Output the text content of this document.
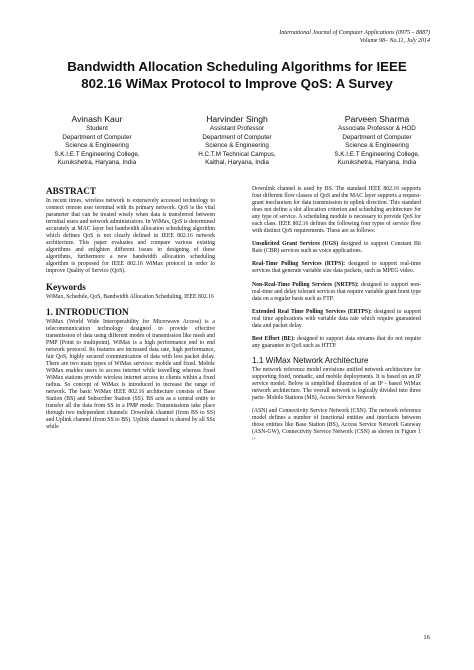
International Journal of Computer Applications (0975 – 8887)
Volume 98– No.11, July 2014
Bandwidth Allocation Scheduling Algorithms for IEEE
802.16 WiMax Protocol to Improve QoS: A Survey
Avinash Kaur
Student
Department of Computer
Science & Engineering
S.K.I.E.T Engineering College,
Kurukshetra, Haryana, India
Harvinder Singh
Assistant Professor
Department of Computer
Science & Engineering
H.C.T.M Technical Campus,
Kaithal, Haryana, India
Parveen Sharma
Associate Professor & HOD
Department of Computer
Science & Engineering
S.K.I.E.T Engineering College,
Kurukshetra, Haryana, India
ABSTRACT

In recent times, wireless network is extensively accessed technology to connect remote user terminal with its primary network. QoS is the vital parameter that can be treated wisely when data is transferred between terminal users and network administrators. In WiMax, QoS is determined accurately at MAC layer but bandwidth allocation scheduling algorithm which defines QoS is not clearly defined in IEEE 802.16 network architecture. This paper evaluates and compare various existing algorithms and enlighten different issues in designing of these algorithms, furthermore a new bandwidth allocation scheduling algorithm is proposed for IEEE 802.16 WiMax protocol in order to improve Quality of Service (QoS).

Keywords

WiMax, Schedule, QoS, Bandwidth Allocation Scheduling, IEEE 802.16

1. INTRODUCTION

WiMax (World Wide Interoperability for Microwave Access) is a telecommunication technology designed to provide effective transmission of data using different modes of transmission like mesh and PMP (Point to multipoint). WiMax is a high performance end to end network protocol. Its features are increased data rate, high performance, fair QoS, highly secured communication of data with less packet delay. There are two main types of WiMax services: mobile and fixed. Mobile WiMax enables users to access internet while travelling whereas fixed WiMax stations provide wireless internet access to clients within a fixed radius. So concept of WiMax is introduced to increase the range of network. The basic WiMax IEEE 802.16 architecture consists of Base Station (BS) and Subscriber Station (SS). BS acts as a central entity to transfer all the data from SS in a PMP mode. Transmissions take place through two independent channels: Downlink channel (from BS to SS) and Uplink channel (from SS to BS). Uplink channel is shared by all SSs while

Downlink channel is used by BS. The standard IEEE 802.16 supports four different flow classes of QoS and the MAC layer supports a request-grant mechanism for data transmission in uplink direction. This standard does not define a slot allocation criterion and scheduling architecture for any type of service. A scheduling module is necessary to provide QoS for each class. IEEE 802.16 defines the following four types of service flow with distinct QoS requirements. These are as follows:

Unsolicited Grant Services (UGS) designed to support Constant Bit Rate (CBR) services such as voice applications.

Real-Time Polling Services (RTPS): designed to support real-time services that generate variable size data packets, such as MPEG video.

Non-Real-Time Polling Services (NRTPS): designed to support non-real-time and delay tolerant services that require variable grant burst type data on a regular basis such as FTP.

Extended Real Time Polling Services (ERTPS): designed to support real time applications with variable data rate which require guaranteed data and packet delay.

Best Effort (BE): designed to support data streams that do not require any guarantee in QoS such as HTTP.

1.1 WiMax Network Architecture

The network reference model envisions unified network architecture for supporting fixed, nomadic, and mobile deployments. It is based on an IP service model. Below is simplified illustration of an IP - based WiMax network architecture. The overall network is logically divided into three parts- Mobile Stations (MS), Access Service Network

(ASN) and Connectivity Service Network (CSN). The network reference model defines a number of functional entities and interfaces between those entities like Base Station (BS), Access Service Network Gateway (ASN-GW), Connectivity Service Network (CSN) as shown in Figure 1 :-

16
